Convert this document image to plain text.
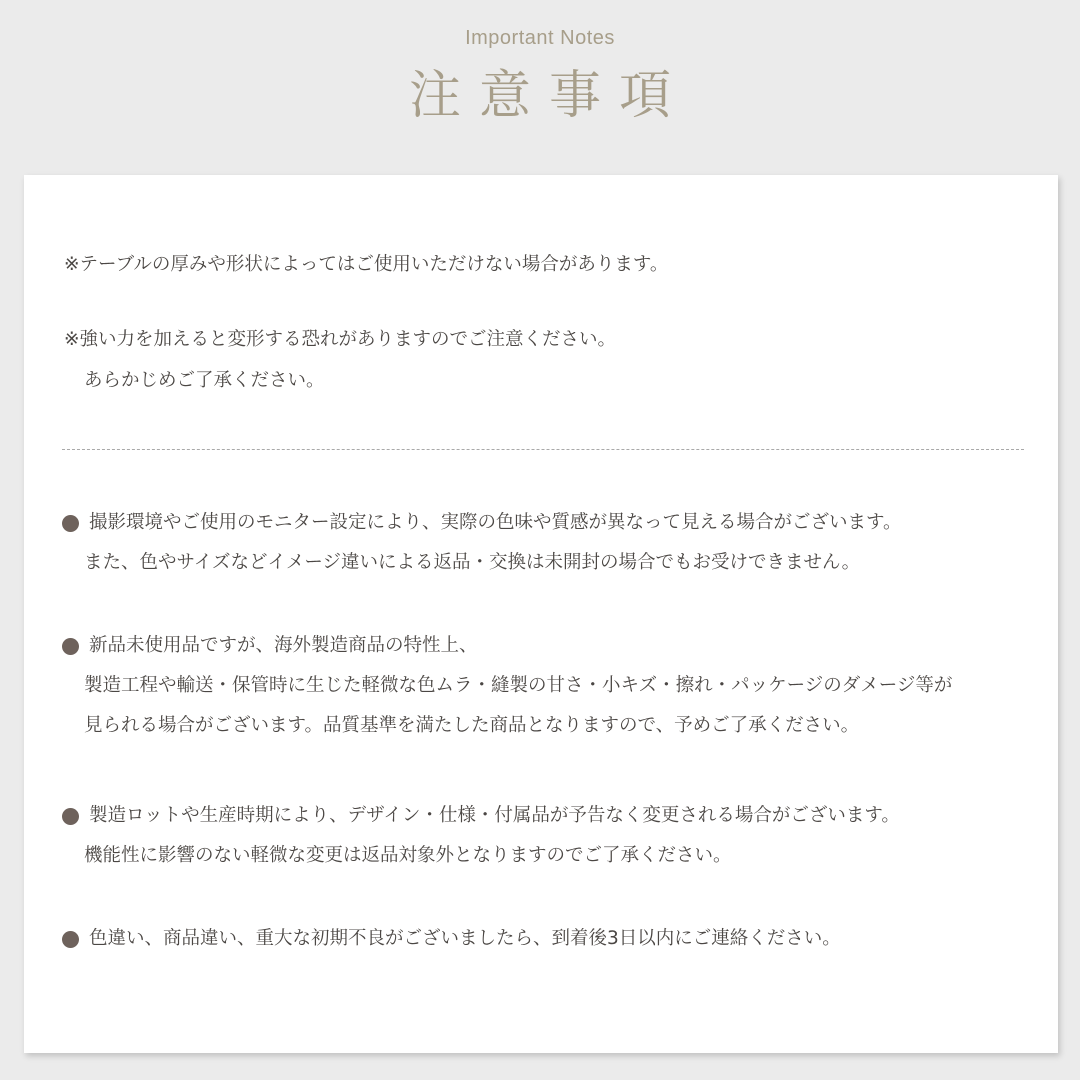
Important Notes
注意事項
※テーブルの厚みや形状によってはご使用いただけない場合があります。
※強い力を加えると変形する恐れがありますのでご注意ください。
あらかじめご了承ください。
撮影環境やご使用のモニター設定により、実際の色味や質感が異なって見える場合がございます。
また、色やサイズなどイメージ違いによる返品・交換は未開封の場合でもお受けできません。
新品未使用品ですが、海外製造商品の特性上、
製造工程や輸送・保管時に生じた軽微な色ムラ・縫製の甘さ・小キズ・擦れ・パッケージのダメージ等が
見られる場合がございます。品質基準を満たした商品となりますので、予めご了承ください。
製造ロットや生産時期により、デザイン・仕様・付属品が予告なく変更される場合がございます。
機能性に影響のない軽微な変更は返品対象外となりますのでご了承ください。
色違い、商品違い、重大な初期不良がございましたら、到着後3日以内にご連絡ください。
